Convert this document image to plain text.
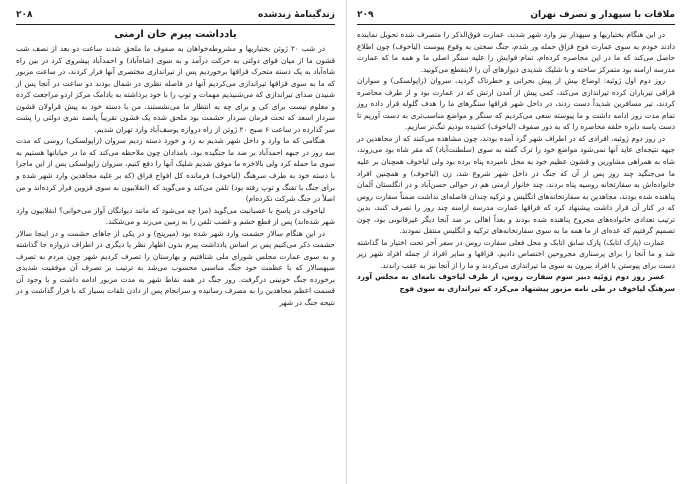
۲۰۸	زندگینامهٔ زندشده
یادداشت پیرم خان ارمنی

در شب ۲۰ ژوئن بختیاریها و مشروطه‌خواهان به صفوف ما ملحق شدند ساعت دو بعد از نصف شب قشون ما از میان قوای دولتی به حرکت درآمد و به سوی (شاه‌آباد) و احمدآباد پیشروی کرد در بین راه شاه‌آباد به یک دسته متحرک قزاقها برخوردیم پس از تیراندازی مختصری آنها فرار کردند، در ساعت مزبور که ما به سوی قزاقها تیراندازی می‌کردیم آنها در فاصله نظری در شمال بودند دو ساعت در آنجا پس از شنیدن صدای تیراندازی که می‌شنیدیم مهمات و توپ را با خود برداشته به بادامک مرکز اردو مراجعت کرده و معلوم نیست برای کی و برای چه به انتظار ما می‌نشستند، من با دسته خود به پیش قراولان قشون سردار اسعد که تحت فرمان سردار حشمت بود ملحق شده یک قشون تقریباً پانصد نفری دولتی را پشت سر گذارده در ساعت ۶ صبح ۲۰ ژوئن از راه دروازه یوسف‌آباد وارد تهران شدیم.

هنگامی که ما وارد و داخل شهر شدیم به زد و خورد دسته زدیم سروان (زاپولسکی) روسی که مدت سه روز در جبهه احمدآباد بر ضد ما جنگیده بود، بامدادان چون ملاحظه می‌کند که ما در خیابانها هستیم به سوی ما حمله کرد ولی بالاخره ما موفق شدیم شلیک آنها را دفع کنیم، سروان زاپولسکی پس از این ماجرا با دسته خود به طرف سرهنگ (لیاخوف) فرمانده کل افواج قزاق (که بر علیه مجاهدین وارد شهر شده و برای جنگ با تفنگ و توپ رفته بود) تلفن می‌کند و می‌گوید که (انقلابیون به سوی قزوین فرار کرده‌اند و من اصلاً در جنگ شرکت نکرده‌ام)

لیاخوف در پاسخ با عصبانیت می‌گوید (مرا چه می‌شود که مانند دیوانگان آواز می‌خوانی؟ انقلابیون وارد شهر شده‌اند) پس از قطع خشم و غضب تلفن را به زمین می‌زند و می‌شکند.

در این هنگام سالار حشمت وارد شهر شده بود (میرپنج) و در یکی از جاهای حشمت و در اینجا سالار حشمت ذکر می‌کنیم پس بر اساس یادداشت پیرم بدون اظهار نظر یا دیگری در اطراف دروازه جا گذاشته و به سوی عمارت مجلس شورای ملی شتافتیم و بهارستان را تصرف کردیم شهر چون مردم به تصرف سپهسالار که با عظمت خود جنگ مناسبی محسوب می‌شد به ترتیب بر تصرف آن موفقیت شدیدی برخورده جنگ خونینی درگرفت. روز جنگ در همه نقاط شهر به مدت مزبور ادامه داشت و با وجود آن قسمت اعظم مجاهدین را به مصرف رسانیده و سرانجام پس از دادن تلفات بسیار که با فرار گذاشت و در نتیجه جنگ در شهر

۲۰۹	ملاقات با سپهدار و تصرف تهران

در این هنگام بختیاریها و سپهدار نیز وارد شهر شدند، عمارت فوق‌الذکر را متصرف شده تحویل نماینده دادند خودم به سوی عمارت فوج قزاق حمله ور شدم، جنگ سختی به وقوع پیوست (لیاخوف) چون اطلاع حاصل می‌کند که ما در این محاصره کرده‌ام، تمام قوایش را علیه سنگر اصلی ما و همه ما که عمارت مدرسه ارامنه بود متمرکز ساخته و با شلیک شدیدی دیوارهای آن را لاینقطع می‌کوبید.

روز دوم اول ژوئیه: اوضاع بیش از پیش بحرانی و خطرناک گردید، سروان (زاپولسکی) و سواران قزاقی تیرباران کرده تیراندازی می‌کند، کمی پیش از آمدن ارتش که در عمارت بود و از طرف محاصره کردند، تیر مسافرین شدیداً دست زدند، در داخل شهر قزاقها سنگرهای ما را هدف گلوله قرار داده روز تمام مدت روز ادامه داشت و ما پیوسته سعی می‌کردیم که سنگر و مواضع مناسب‌تری به دست آوریم تا دست یاسه دایره حلقه محاصره را که به دور صفوف (لیاخوف) کشیده بودیم تنگ‌تر سازیم.

در روز دوم ژوئیه، افرادی که در اطراف شهر گرد آمده بودند، چون مشاهده می‌کنند که از مجاهدین در جبهه نتیجه‌ای عاید آنها نمی‌شود مواضع خود را ترک گفته به سوی (سلطنت‌آباد) که مقر شاه بود می‌روند، شاه به همراهی مشاورین و قشون عظیم خود به محل نامبرده پناه برده بود ولی لیاخوف همچنان بر علیه ما می‌جنگید چند روز پس از آن که جنگ در داخل شهر شروع شد، زن (لیاخوف) و همچنین افراد خانواده‌اش به سفارتخانه روسیه پناه بردند، چند خانوار ارمنی هم در حوالی حسن‌آباد و در انگلستان آلمان پناهنده شده بودند، مجاهدین به سفارتخانه‌های انگلیس و ترکیه چندان فاصله‌ای نداشت ضمناً سفارت روس که در کنار آن قرار داشت پیشنهاد کرد که قزاقها عمارت مدرسه ارامنه چند روز را تصرف کنند، بدین ترتیب تعدادی خانواده‌های مجروح پناهنده شده بودند و بعداً اهالی بر ضد آنجا دیگر غیرقانونی بود، چون تصمیم گرفتیم که عده‌ای از ما همه ما به سوی سفارتخانه‌های ترکیه و انگلیس منتقل نمودند.

عمارت (پارک اتابک) پارک سابق اتابک و محل فعلی سفارت روس در سفر آخر تحت اختیار ما گذاشته شد و ما آنجا را برای پرستاری مجروحین اختصاص دادیم، قزاقها و سایر افراد از جمله افراد شهر زیر دست برای پیوستن با افراد بیرون به سوی ما تیراندازی می‌کردند و ما را از آنجا نیز به عقب راندند.

عصر روز دوم ژوئیه دبیر سوم سفارت روس، از طرف لیاخوف نامه‌ای به مجلس آورد سرهنگ لیاخوف در طی نامه مزبور پیشنهاد می‌کرد که تیراندازی به سوی فوج
